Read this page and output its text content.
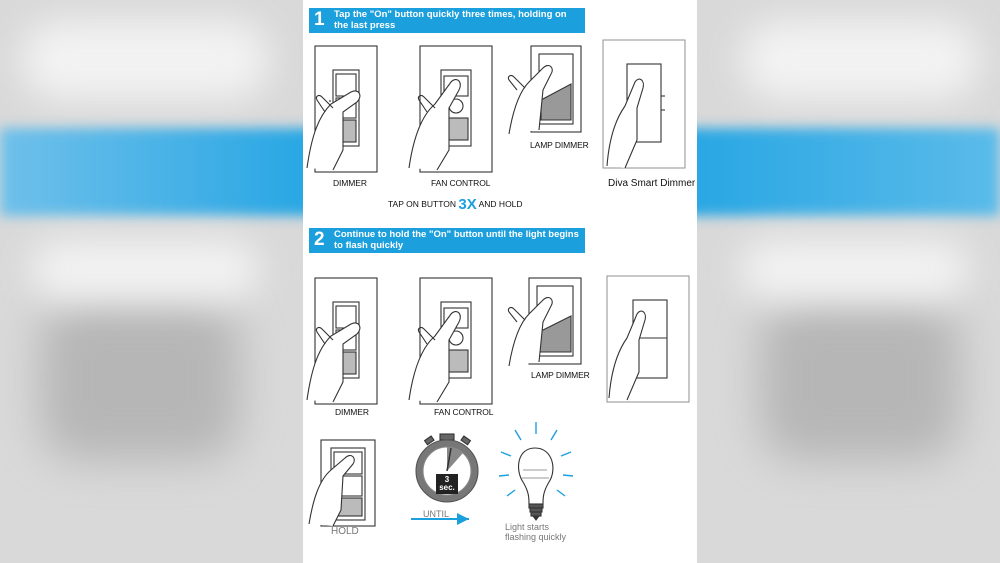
1 Tap the "On" button quickly three times, holding on the last press
2 Continue to hold the "On" button until the light begins to flash quickly
DIMMER	FAN CONTROL
LAMP DIMMER
Diva Smart Dimmer
TAP ON BUTTON 3X AND HOLD
DIMMER	FAN CONTROL
LAMP DIMMER
HOLD
3 sec.
UNTIL
Light starts
flashing quickly
